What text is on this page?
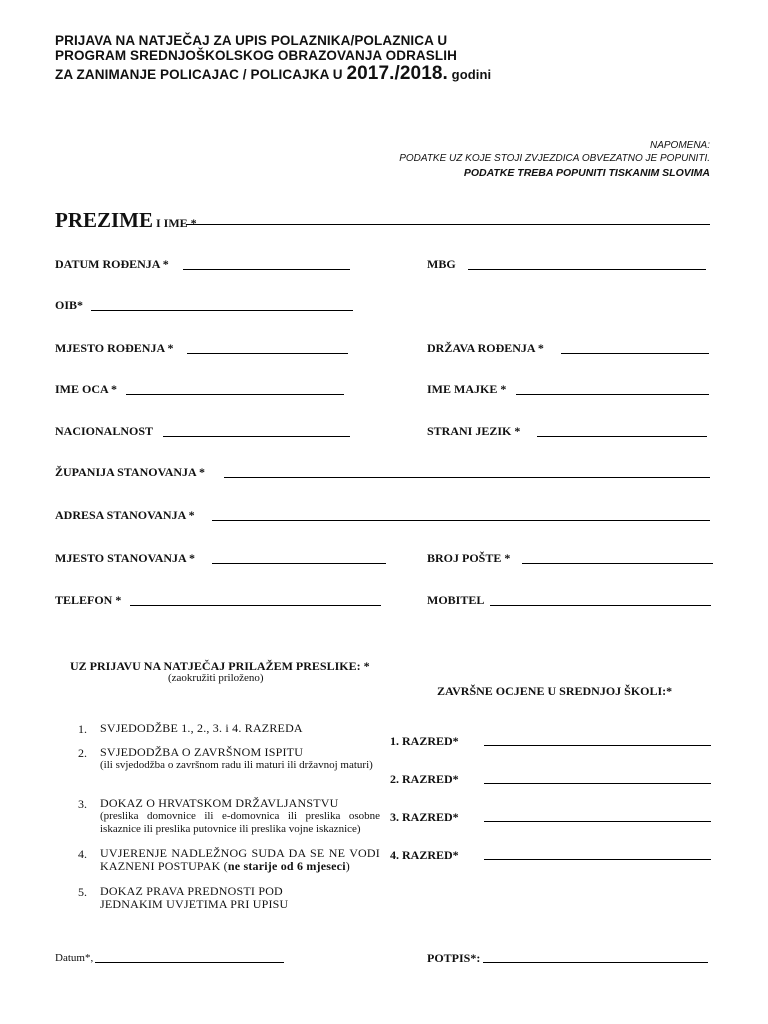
PRIJAVA NA NATJEČAJ ZA UPIS POLAZNIKA/POLAZNICA U
PROGRAM SREDNJOŠKOLSKOG OBRAZOVANJA ODRASLIH
ZA ZANIMANJE POLICAJAC / POLICAJKA U 2017./2018. godini
NAPOMENA:
PODATKE UZ KOJE STOJI ZVJEZDICA OBVEZATNO JE POPUNITI.
PODATKE TREBA POPUNITI TISKANIM SLOVIMA
PREZIME I IME *
DATUM ROĐENJA *	MBG
OIB*
MJESTO ROĐENJA *	DRŽAVA ROĐENJA *
IME OCA *	IME MAJKE *
NACIONALNOST	STRANI JEZIK *
ŽUPANIJA STANOVANJA *
ADRESA STANOVANJA *
MJESTO STANOVANJA *	BROJ POŠTE *
TELEFON *	MOBITEL
UZ PRIJAVU NA NATJEČAJ PRILAŽEM PRESLIKE: *
(zaokružiti priloženo)
1.	SVJEDODŽBE 1., 2., 3. i 4. RAZREDA
2.	SVJEDODŽBA O ZAVRŠNOM ISPITU
(ili svjedodžba o završnom radu ili maturi ili državnoj maturi)
3.	DOKAZ O HRVATSKOM DRŽAVLJANSTVU
(preslika domovnice ili e-domovnica ili preslika osobne iskaznice ili preslika putovnice ili preslika vojne iskaznice)
4.	UVJERENJE NADLEŽNOG SUDA DA SE NE VODI KAZNENI POSTUPAK (ne starije od 6 mjeseci)
5.	DOKAZ PRAVA PREDNOSTI POD JEDNAKIM UVJETIMA PRI UPISU
ZAVRŠNE OCJENE U SREDNJOJ ŠKOLI:*
1. RAZRED*
2. RAZRED*
3. RAZRED*
4. RAZRED*
Datum*,	POTPIS*:
